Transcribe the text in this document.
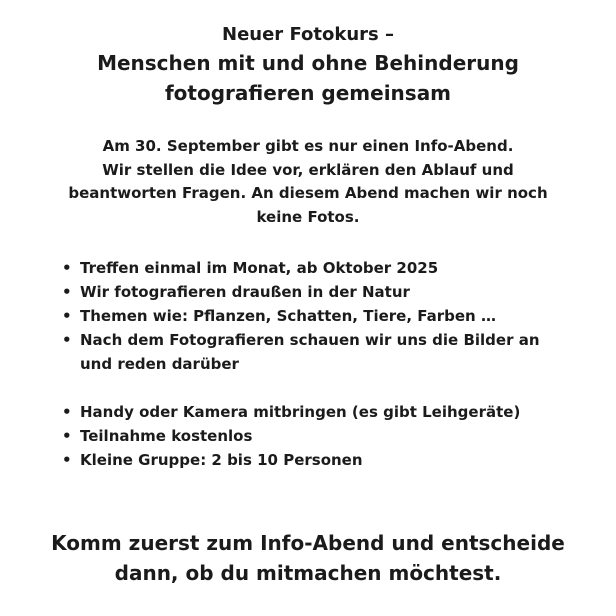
Neuer Fotokurs –
Menschen mit und ohne Behinderung
fotografieren gemeinsam
Am 30. September gibt es nur einen Info-Abend.
Wir stellen die Idee vor, erklären den Ablauf und
beantworten Fragen. An diesem Abend machen wir noch
keine Fotos.
• Treffen einmal im Monat, ab Oktober 2025
• Wir fotografieren draußen in der Natur
• Themen wie: Pflanzen, Schatten, Tiere, Farben …
• Nach dem Fotografieren schauen wir uns die Bilder an und reden darüber
• Handy oder Kamera mitbringen (es gibt Leihgeräte)
• Teilnahme kostenlos
• Kleine Gruppe: 2 bis 10 Personen
Komm zuerst zum Info-Abend und entscheide
dann, ob du mitmachen möchtest.
